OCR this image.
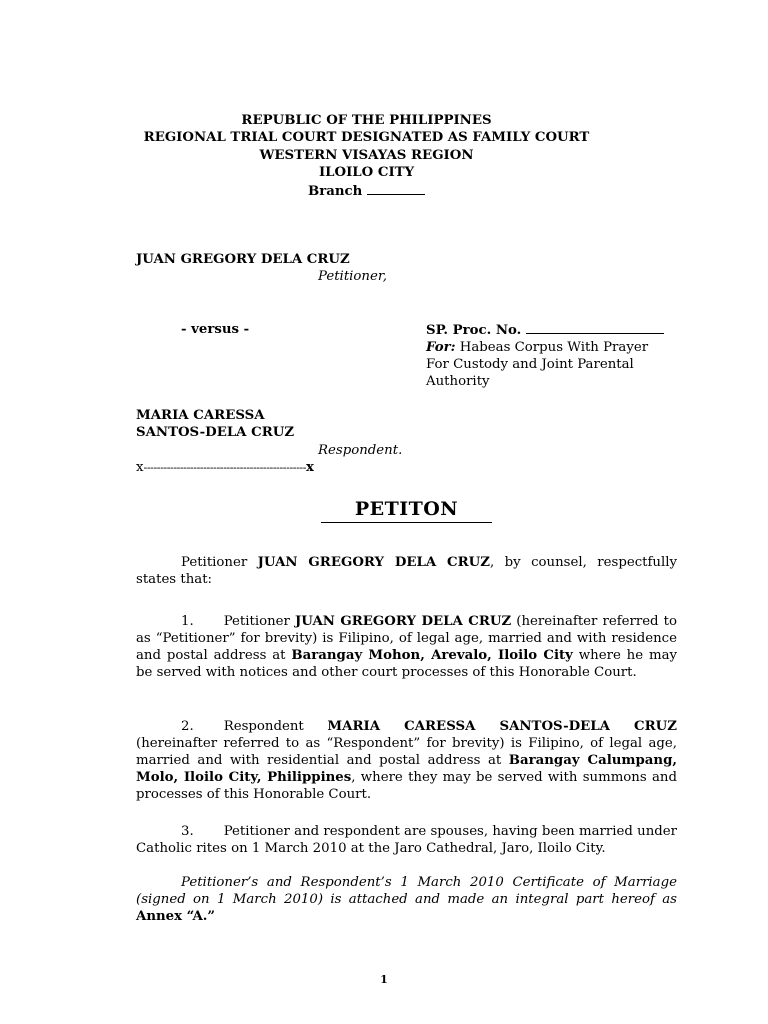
REPUBLIC OF THE PHILIPPINES
REGIONAL TRIAL COURT DESIGNATED AS FAMILY COURT
WESTERN VISAYAS REGION
ILOILO CITY
Branch
JUAN GREGORY DELA CRUZ
Petitioner,
- versus -	SP. Proc. No.
For: Habeas Corpus With Prayer
For Custody and Joint Parental
Authority
MARIA CARESSA
SANTOS-DELA CRUZ
Respondent.
x-------------------------------------------------x
PETITON

Petitioner JUAN GREGORY DELA CRUZ, by counsel, respectfully states that:

1. Petitioner JUAN GREGORY DELA CRUZ (hereinafter referred to as “Petitioner” for brevity) is Filipino, of legal age, married and with residence and postal address at Barangay Mohon, Arevalo, Iloilo City where he may be served with notices and other court processes of this Honorable Court.

2. Respondent MARIA CARESSA SANTOS-DELA CRUZ (hereinafter referred to as “Respondent” for brevity) is Filipino, of legal age, married and with residential and postal address at Barangay Calumpang, Molo, Iloilo City, Philippines, where they may be served with summons and processes of this Honorable Court.

3. Petitioner and respondent are spouses, having been married under Catholic rites on 1 March 2010 at the Jaro Cathedral, Jaro, Iloilo City.

Petitioner’s and Respondent’s 1 March 2010 Certificate of Marriage (signed on 1 March 2010) is attached and made an integral part hereof as Annex “A.”

1
